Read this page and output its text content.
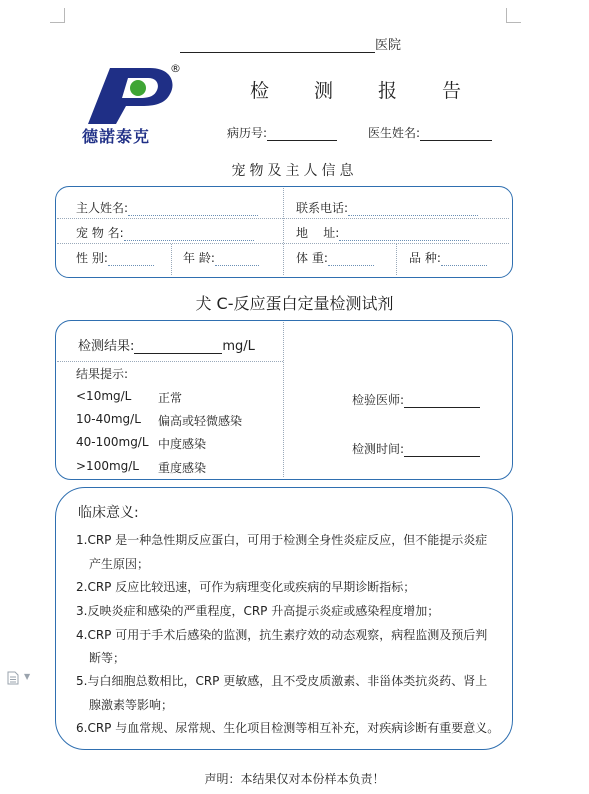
医院
®
德諾泰克
检 测 报 告
病历号:	医生姓名:
宠物及主人信息
主人姓名:	联系电话:
宠 物 名:	地    址:
性 别:	年 龄:	体 重:	品 种:
犬 C-反应蛋白定量检测试剂
检测结果:	mg/L
结果提示:
<10mg/L 正常
10-40mg/L 偏高或轻微感染
40-100mg/L 中度感染
>100mg/L 重度感染
检验医师:
检测时间:
临床意义:
1.CRP 是一种急性期反应蛋白，可用于检测全身性炎症反应，但不能提示炎症
产生原因；
2.CRP 反应比较迅速，可作为病理变化或疾病的早期诊断指标；
3.反映炎症和感染的严重程度，CRP 升高提示炎症或感染程度增加；
4.CRP 可用于手术后感染的监测，抗生素疗效的动态观察，病程监测及预后判
断等；
5.与白细胞总数相比，CRP 更敏感，且不受皮质激素、非甾体类抗炎药、肾上
腺激素等影响；
6.CRP 与血常规、尿常规、生化项目检测等相互补充，对疾病诊断有重要意义。
声明：本结果仅对本份样本负责！
▼
